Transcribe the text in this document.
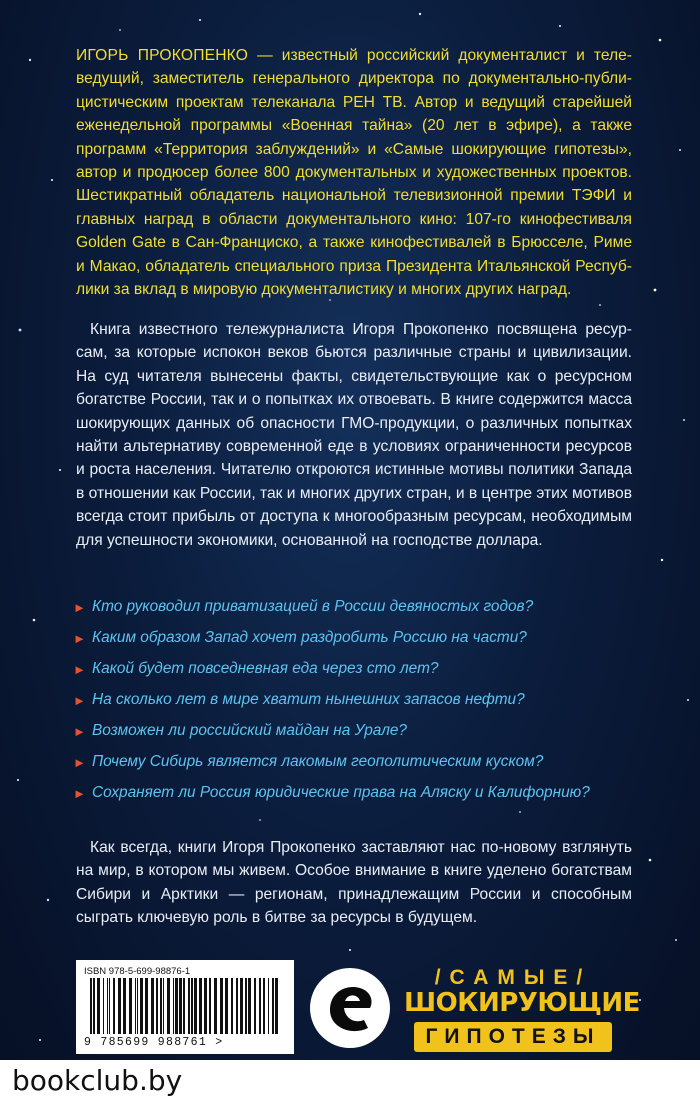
ИГОРЬ ПРОКОПЕНКО — известный российский документалист и телеведущий, заместитель генерального директора по документально-публицистическим проектам телеканала РЕН ТВ. Автор и ведущий старейшей еженедельной программы «Военная тайна» (20 лет в эфире), а также программ «Территория заблуждений» и «Самые шокирующие гипотезы», автор и продюсер более 800 документальных и художественных проектов. Шестикратный обладатель национальной телевизионной премии ТЭФИ и главных наград в области документального кино: 107-го кинофестиваля Golden Gate в Сан-Франциско, а также кинофестивалей в Брюсселе, Риме и Макао, обладатель специального приза Президента Итальянской Республики за вклад в мировую документалистику и многих других наград.
Книга известного тележурналиста Игоря Прокопенко посвящена ресурсам, за которые испокон веков бьются различные страны и цивилизации. На суд читателя вынесены факты, свидетельствующие как о ресурсном богатстве России, так и о попытках их отвоевать. В книге содержится масса шокирующих данных об опасности ГМО-продукции, о различных попытках найти альтернативу современной еде в условиях ограниченности ресурсов и роста населения. Читателю откроются истинные мотивы политики Запада в отношении как России, так и многих других стран, и в центре этих мотивов всегда стоит прибыль от доступа к многообразным ресурсам, необходимым для успешности экономики, основанной на господстве доллара.
► Кто руководил приватизацией в России девяностых годов?
► Каким образом Запад хочет раздробить Россию на части?
► Какой будет повседневная еда через сто лет?
► На сколько лет в мире хватит нынешних запасов нефти?
► Возможен ли российский майдан на Урале?
► Почему Сибирь является лакомым геополитическим куском?
► Сохраняет ли Россия юридические права на Аляску и Калифорнию?
Как всегда, книги Игоря Прокопенко заставляют нас по-новому взглянуть на мир, в котором мы живем. Особое внимание в книге уделено богатствам Сибири и Арктики — регионам, принадлежащим России и способным сыграть ключевую роль в битве за ресурсы в будущем.
ISBN 978-5-699-98876-1
9 785699 988761 >
/САМЫЕ/
ШОКИРУЮЩИЕ
ГИПОТЕЗЫ
bookclub.by
